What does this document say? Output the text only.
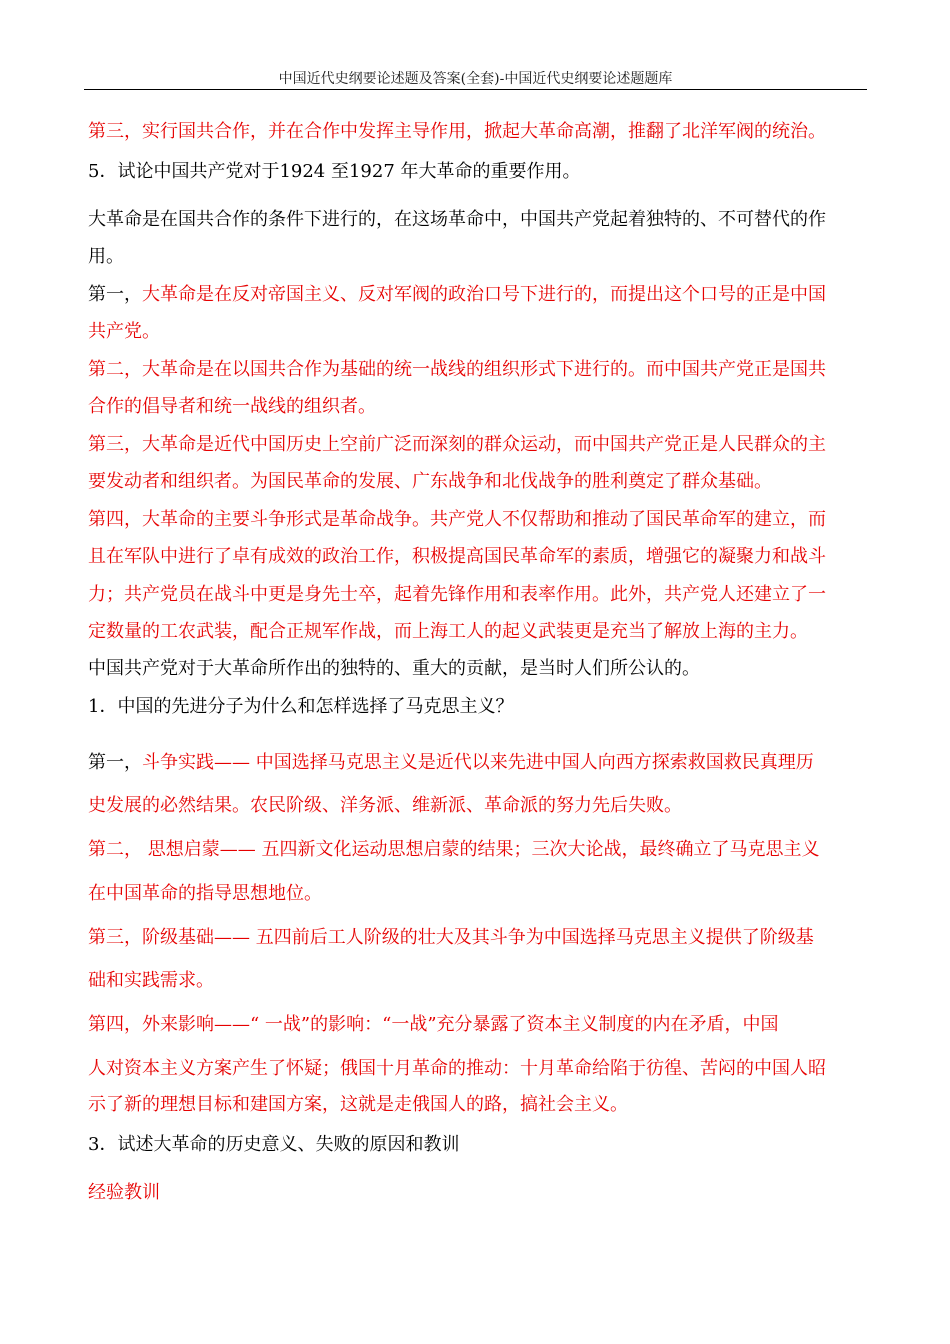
中国近代史纲要论述题及答案(全套)-中国近代史纲要论述题题库
第三，实行国共合作，并在合作中发挥主导作用，掀起大革命高潮，推翻了北洋军阀的统治。
5．试论中国共产党对于1924 至1927 年大革命的重要作用。
大革命是在国共合作的条件下进行的，在这场革命中，中国共产党起着独特的、不可替代的作
用。
第一，大革命是在反对帝国主义、反对军阀的政治口号下进行的，而提出这个口号的正是中国
共产党。
第二，大革命是在以国共合作为基础的统一战线的组织形式下进行的。而中国共产党正是国共
合作的倡导者和统一战线的组织者。
第三，大革命是近代中国历史上空前广泛而深刻的群众运动，而中国共产党正是人民群众的主
要发动者和组织者。为国民革命的发展、广东战争和北伐战争的胜利奠定了群众基础。
第四，大革命的主要斗争形式是革命战争。共产党人不仅帮助和推动了国民革命军的建立，而
且在军队中进行了卓有成效的政治工作，积极提高国民革命军的素质，增强它的凝聚力和战斗
力；共产党员在战斗中更是身先士卒，起着先锋作用和表率作用。此外，共产党人还建立了一
定数量的工农武装，配合正规军作战，而上海工人的起义武装更是充当了解放上海的主力。
中国共产党对于大革命所作出的独特的、重大的贡献，是当时人们所公认的。
1．中国的先进分子为什么和怎样选择了马克思主义？
第一，斗争实践—— 中国选择马克思主义是近代以来先进中国人向西方探索救国救民真理历
史发展的必然结果。农民阶级、洋务派、维新派、革命派的努力先后失败。
第二， 思想启蒙—— 五四新文化运动思想启蒙的结果；三次大论战，最终确立了马克思主义
在中国革命的指导思想地位。
第三，阶级基础—— 五四前后工人阶级的壮大及其斗争为中国选择马克思主义提供了阶级基
础和实践需求。
第四，外来影响——“ 一战”的影响：“一战”充分暴露了资本主义制度的内在矛盾，中国
人对资本主义方案产生了怀疑；俄国十月革命的推动：十月革命给陷于彷徨、苦闷的中国人昭
示了新的理想目标和建国方案，这就是走俄国人的路，搞社会主义。
3．试述大革命的历史意义、失败的原因和教训
经验教训
